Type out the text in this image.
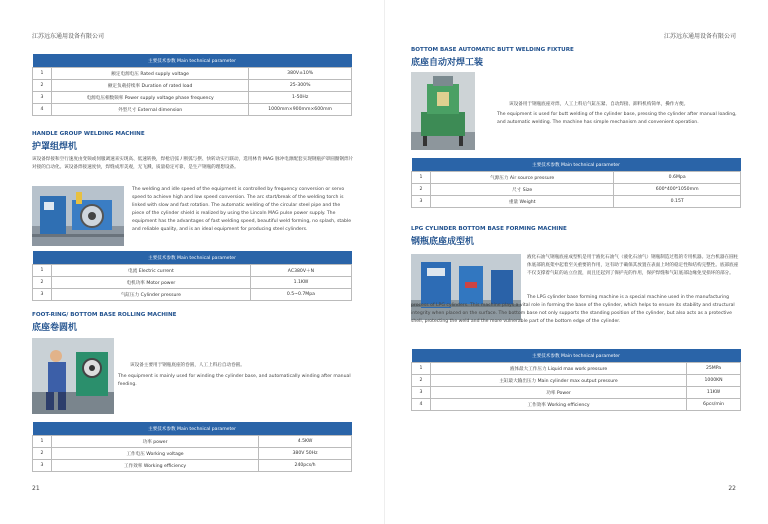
江苏远东通用设备有限公司
主要技术参数 Main technical parameter		
1	额定电源电压 Rated supply voltage	380V±10%
2	额定负载持续率 Duration of rated load	25-300%
3	电源电压相数频率 Power supply voltage phase frequency	1-50Hz
4	外型尺寸 External dimension	1000mm×900mm×600mm
HANDLE GROUP WELDING MACHINE
护罩组焊机

该设备焊接和空行速度由变频或伺服调速来实现高、低速转换，焊枪启弧 / 断弧与摆、快转动实行联动，选用林肯 MAG 脉冲电源配套实现钢瓶护罩圆圈钢焊片对接的自动化。该设备焊接速度快，焊缝成形美观，无飞溅，质量稳定可靠，是生产钢瓶的理想设备。

The welding and idle speed of the equipment is controlled by frequency conversion or servo speed to achieve high and low speed conversion. The arc start/break of the welding torch is linked with slow and fast rotation. The automatic welding of the circular steel pipe and the piece of the cylinder shield is realized by using the Lincoln MAG pulse power supply. The equipment has the advantages of fast welding speed, beautiful weld forming, no splash, stable and reliable quality, and is an ideal equipment for producing steel cylinders.

主要技术参数 Main technical parameter		
1	电流 Electric current	AC380V＋N
2	电机功率 Motor power	1.1KW
3	气缸压力 Cylinder pressure	0.5~0.7Mpa
FOOT-RING/ BOTTOM BASE ROLLING MACHINE
底座卷圆机

该设备主要用于钢瓶底座的卷圆，人工上料后自动卷圆。

The equipment is mainly used for winding the cylinder base, and automatically winding after manual feeding.

主要技术参数 Main technical parameter		
1	功率 power	4.5KW
2	工作电压 Working voltage	380V 50Hz
3	工作效率 Working efficiency	240pcs/h
21
江苏远东通用设备有限公司
BOTTOM BASE AUTOMATIC BUTT WELDING FIXTURE
底座自动对焊工装

该设备用于钢瓶底座对焊，人工上料后气缸压紧、自动焊接、卸料机构简单，操作方便。

The equipment is used for butt welding of the cylinder base, pressing the cylinder after manual loading, and automatic welding. The machine has simple mechanism and convenient operation.

主要技术参数 Main technical parameter		
1	气源压力 Air source pressure	0.6Mpa
2	尺寸 Size	600*400*1050mm
3	重量 Weight	0.15T
LPG CYLINDER BOTTOM BASE FORMING MACHINE
钢瓶底座成型机

液化石油气钢瓶底座成型机是用于液化石油气（液化石油气）钢瓶制造过程的专用机器。这台机器在圆柱体底部的底架中起着至关重要的作用，这有助于确保其放置在表面上时的稳定性和结构完整性。底部底座不仅支撑着气缸的站立位置，而且还起到了保护壳的作用，保护焊缝和气缸底部边缘免受损坏的部分。

The LPG cylinder base forming machine is a special machine used in the manufacturing process of LPG cylinders. This machine plays a vital role in forming the base of the cylinder, which helps to ensure its stability and structural integrity when placed on the surface. The bottom base not only supports the standing position of the cylinder, but also acts as a protective shell, protecting the weld and the more vulnerable part of the bottom edge of the cylinder.

主要技术参数 Main technical parameter		
1	液体最大工作压力 Liquid max work pressure	25MPa
2	主缸最大输出压力 Main cylinder max output pressure	1000KN
3	功率 Power	11KW
4	工作效率 Working efficiency	6pcs/min
22
